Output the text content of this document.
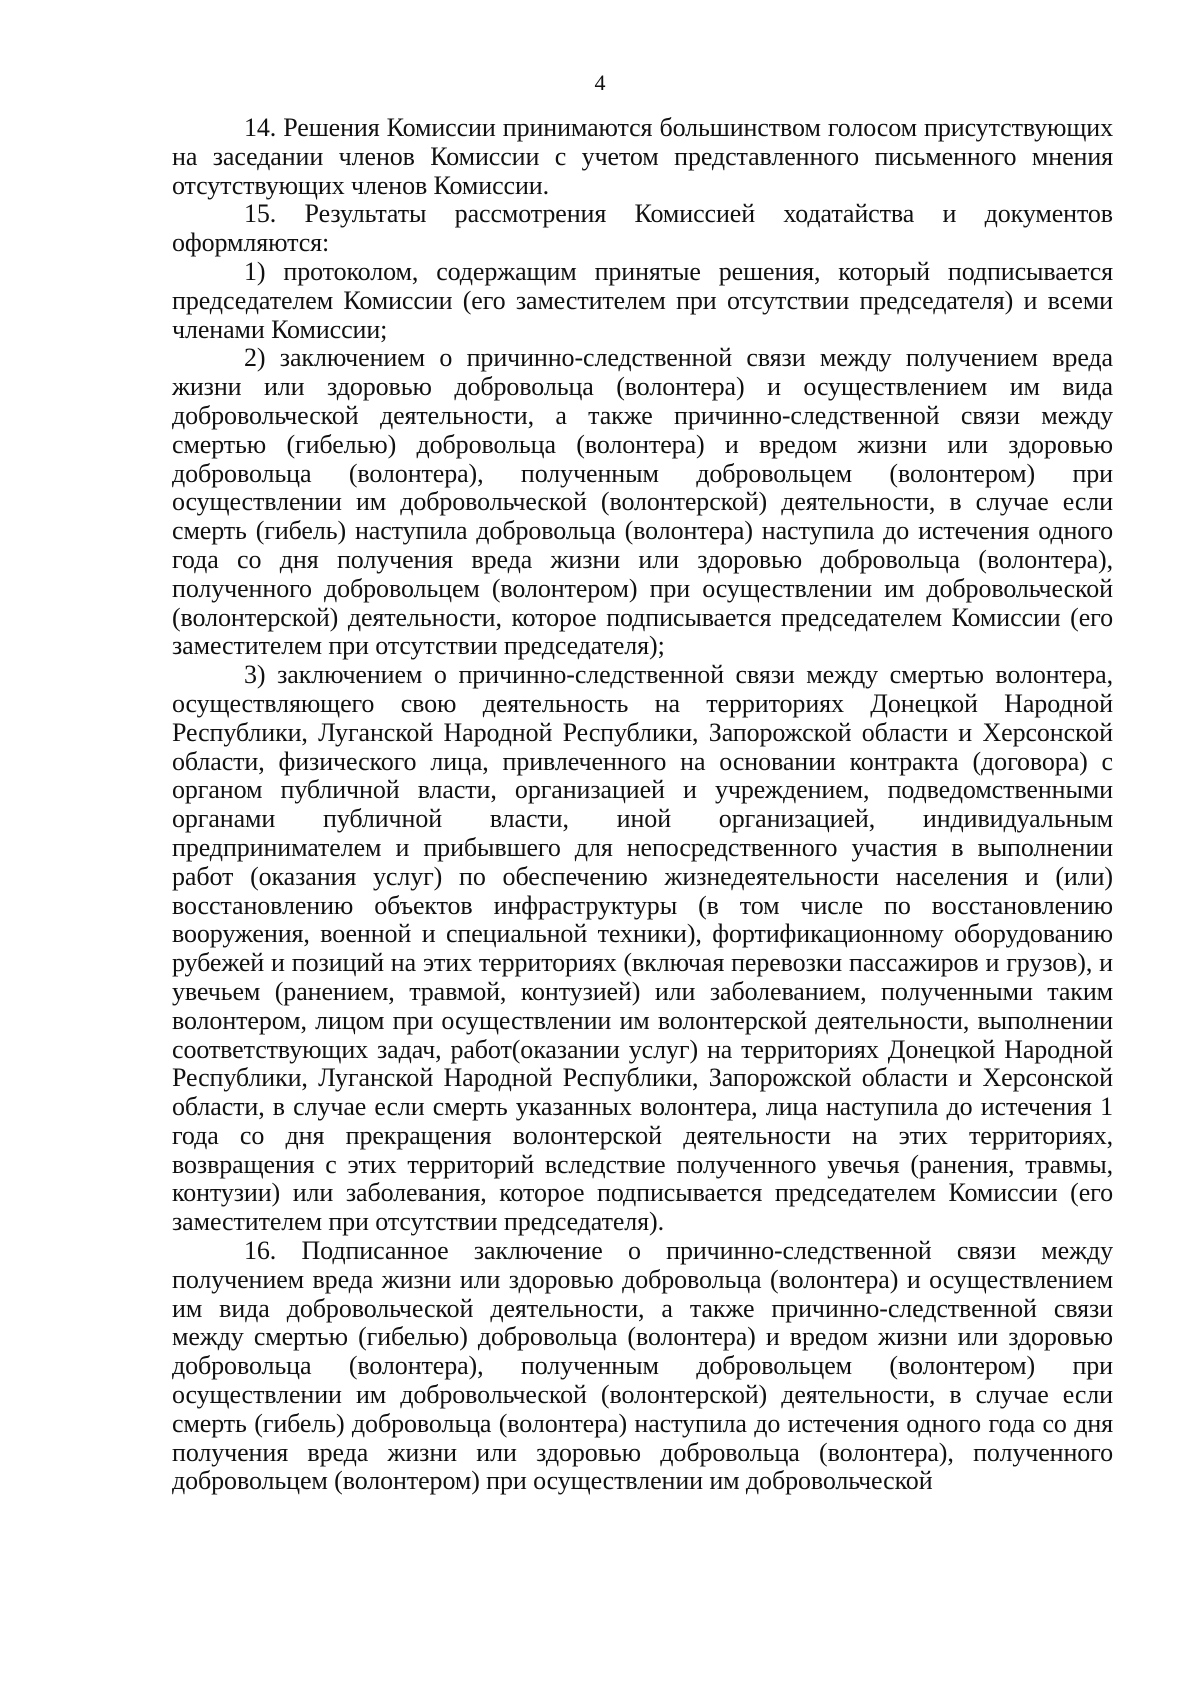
4

14. Решения Комиссии принимаются большинством голосом присутствующих на заседании членов Комиссии с учетом представленного письменного мнения отсутствующих членов Комиссии.

15. Результаты рассмотрения Комиссией ходатайства и документов оформляются:

1) протоколом, содержащим принятые решения, который подписывается председателем Комиссии (его заместителем при отсутствии председателя) и всеми членами Комиссии;

2) заключением о причинно-следственной связи между получением вреда жизни или здоровью добровольца (волонтера) и осуществлением им вида добровольческой деятельности, а также причинно-следственной связи между смертью (гибелью) добровольца (волонтера) и вредом жизни или здоровью добровольца (волонтера), полученным добровольцем (волонтером) при осуществлении им добровольческой (волонтерской) деятельности, в случае если смерть (гибель) наступила добровольца (волонтера) наступила до истечения одного года со дня получения вреда жизни или здоровью добровольца (волонтера), полученного добровольцем (волонтером) при осуществлении им добровольческой (волонтерской) деятельности, которое подписывается председателем Комиссии (его заместителем при отсутствии председателя);

3) заключением о причинно-следственной связи между смертью волонтера, осуществляющего свою деятельность на территориях Донецкой Народной Республики, Луганской Народной Республики, Запорожской области и Херсонской области, физического лица, привлеченного на основании контракта (договора) с органом публичной власти, организацией и учреждением, подведомственными органами публичной власти, иной организацией, индивидуальным предпринимателем и прибывшего для непосредственного участия в выполнении работ (оказания услуг) по обеспечению жизнедеятельности населения и (или) восстановлению объектов инфраструктуры (в том числе по восстановлению вооружения, военной и специальной техники), фортификационному оборудованию рубежей и позиций на этих территориях (включая перевозки пассажиров и грузов), и увечьем (ранением, травмой, контузией) или заболеванием, полученными таким волонтером, лицом при осуществлении им волонтерской деятельности, выполнении соответствующих задач, работ(оказании услуг) на территориях Донецкой Народной Республики, Луганской Народной Республики, Запорожской области и Херсонской области, в случае если смерть указанных волонтера, лица наступила до истечения 1 года со дня прекращения волонтерской деятельности на этих территориях, возвращения с этих территорий вследствие полученного увечья (ранения, травмы, контузии) или заболевания, которое подписывается председателем Комиссии (его заместителем при отсутствии председателя).

16. Подписанное заключение о причинно-следственной связи между получением вреда жизни или здоровью добровольца (волонтера) и осуществлением им вида добровольческой деятельности, а также причинно-следственной связи между смертью (гибелью) добровольца (волонтера) и вредом жизни или здоровью добровольца (волонтера), полученным добровольцем (волонтером) при осуществлении им добровольческой (волонтерской) деятельности, в случае если смерть (гибель) добровольца (волонтера) наступила до истечения одного года со дня получения вреда жизни или здоровью добровольца (волонтера), полученного добровольцем (волонтером) при осуществлении им добровольческой
